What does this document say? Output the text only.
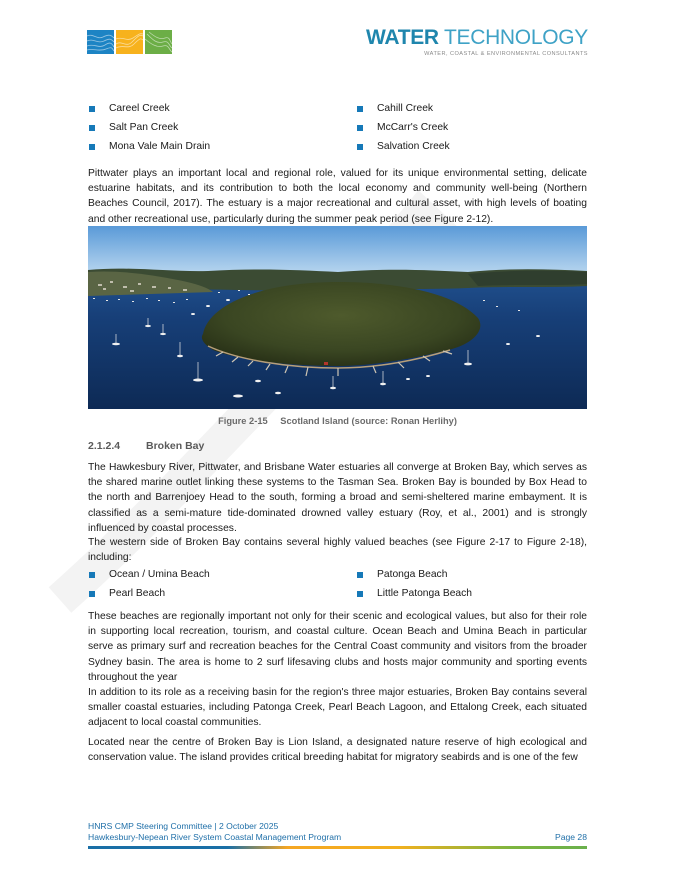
WATER TECHNOLOGY
WATER, COASTAL & ENVIRONMENTAL CONSULTANTS
Careel Creek	Cahill Creek
Salt Pan Creek	McCarr's Creek
Mona Vale Main Drain	Salvation Creek

Pittwater plays an important local and regional role, valued for its unique environmental setting, delicate estuarine habitats, and its contribution to both the local economy and community well-being (Northern Beaches Council, 2017). The estuary is a major recreational and cultural asset, with high levels of boating and other recreational use, particularly during the summer peak period (see Figure 2-12).

Figure 2-15 Scotland Island (source: Ronan Herlihy)
2.1.2.4	Broken Bay

The Hawkesbury River, Pittwater, and Brisbane Water estuaries all converge at Broken Bay, which serves as the shared marine outlet linking these systems to the Tasman Sea. Broken Bay is bounded by Box Head to the north and Barrenjoey Head to the south, forming a broad and semi-sheltered marine embayment. It is classified as a semi-mature tide-dominated drowned valley estuary (Roy, et al., 2001) and is strongly influenced by coastal processes.

The western side of Broken Bay contains several highly valued beaches (see Figure 2-17 to Figure 2-18), including:

Ocean / Umina Beach	Patonga Beach
Pearl Beach	Little Patonga Beach

These beaches are regionally important not only for their scenic and ecological values, but also for their role in supporting local recreation, tourism, and coastal culture. Ocean Beach and Umina Beach in particular serve as primary surf and recreation beaches for the Central Coast community and visitors from the broader Sydney basin. The area is home to 2 surf lifesaving clubs and hosts major community and sporting events throughout the year

In addition to its role as a receiving basin for the region's three major estuaries, Broken Bay contains several smaller coastal estuaries, including Patonga Creek, Pearl Beach Lagoon, and Ettalong Creek, each situated adjacent to local coastal communities.

Located near the centre of Broken Bay is Lion Island, a designated nature reserve of high ecological and conservation value. The island provides critical breeding habitat for migratory seabirds and is one of the few

HNRS CMP Steering Committee | 2 October 2025
Hawkesbury-Nepean River System Coastal Management Program	Page 28
